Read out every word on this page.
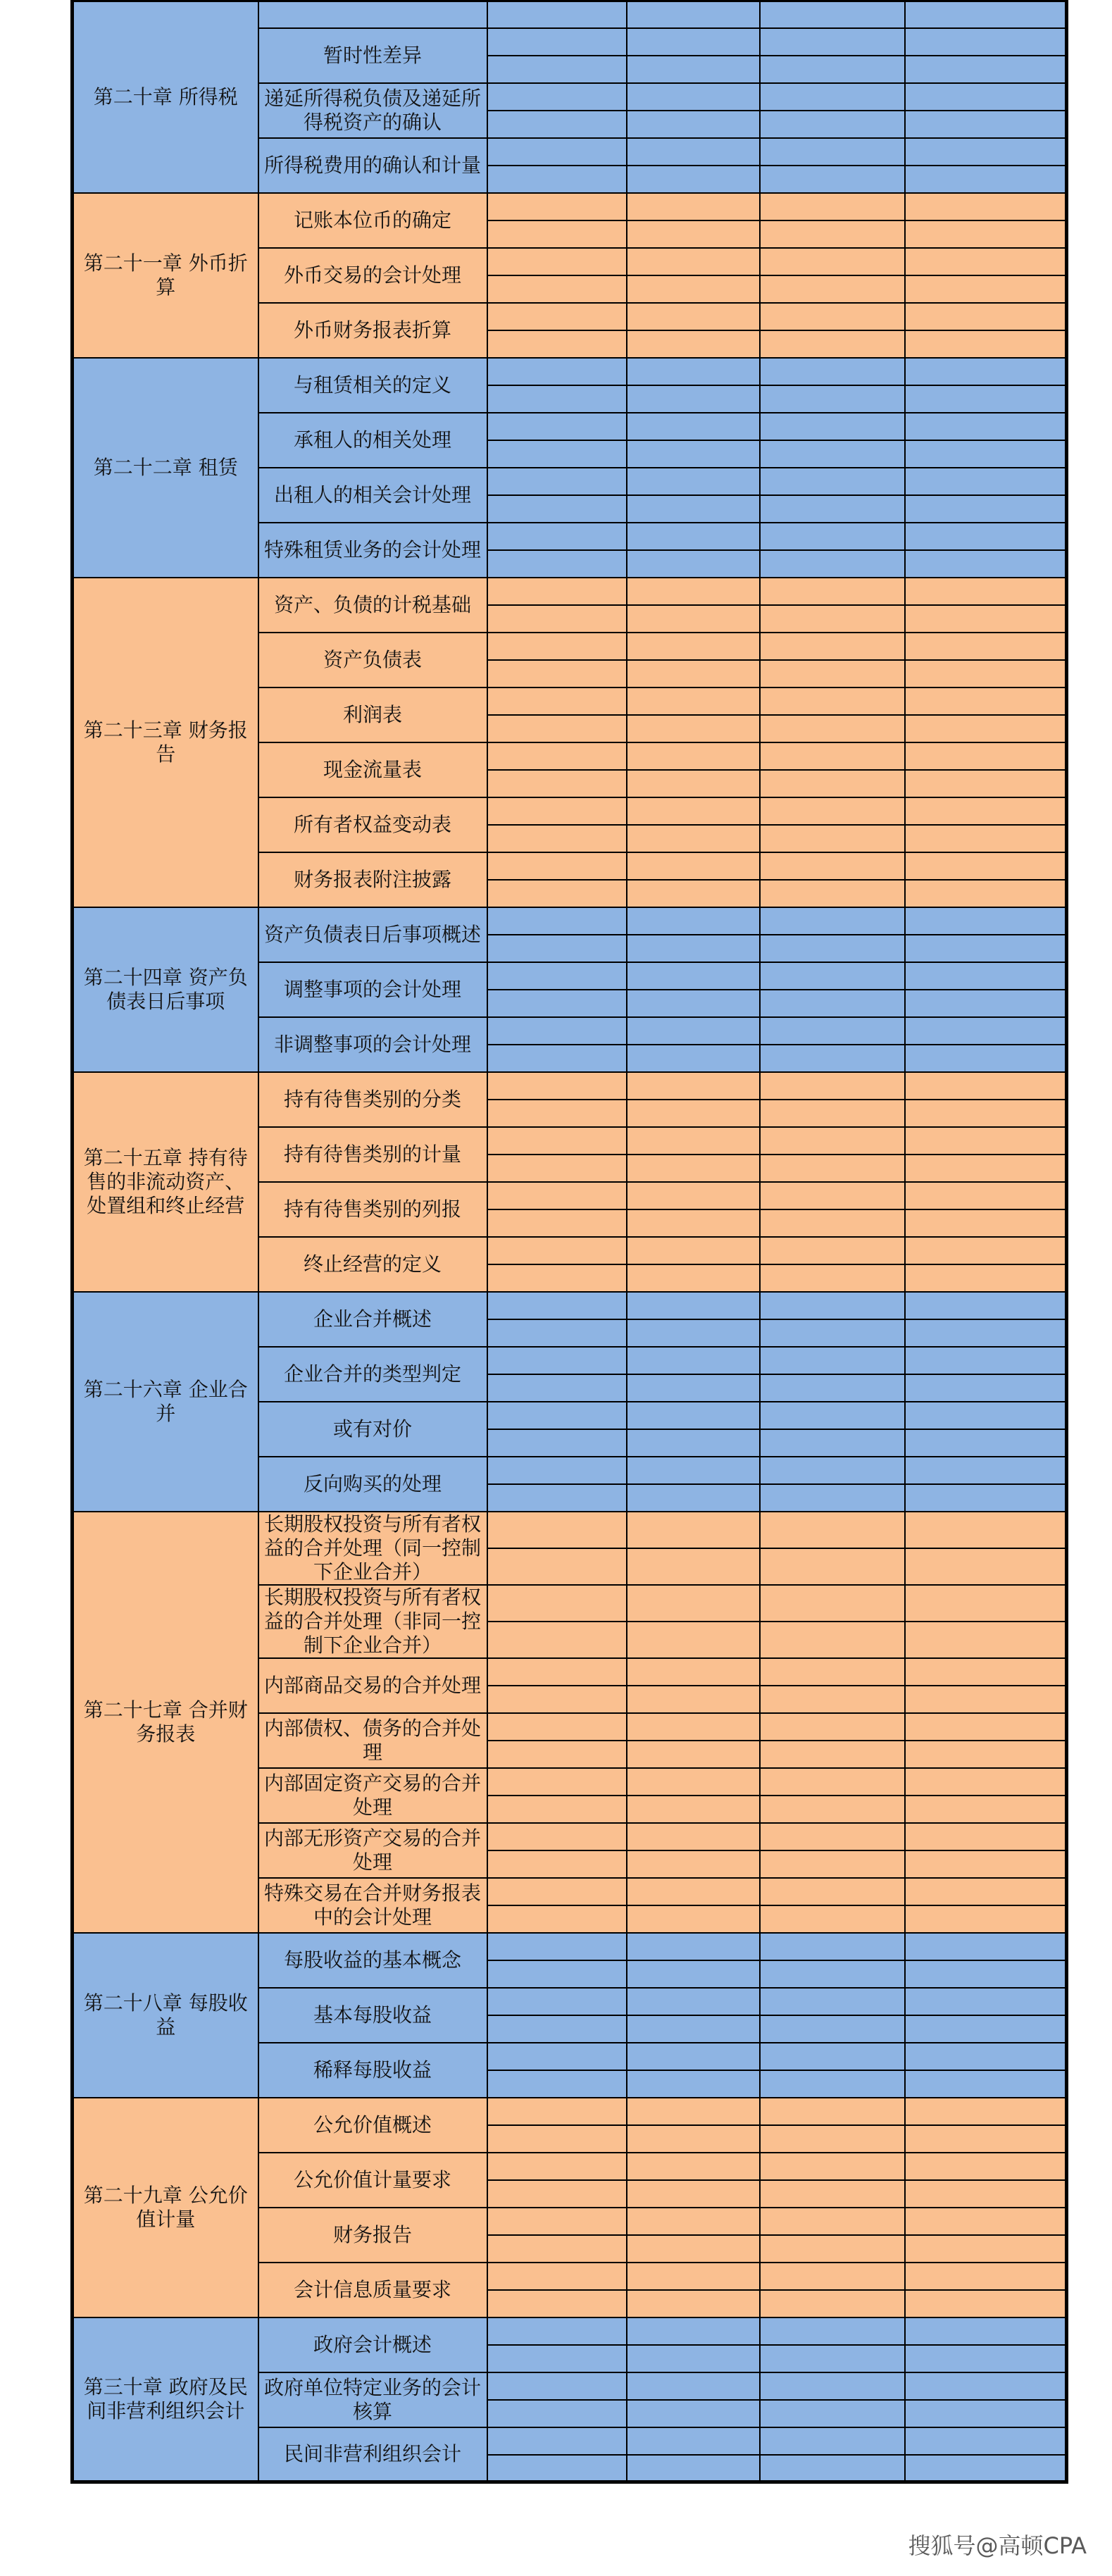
第二十章 所得税					
	暂时性差异				

	递延所得税负债及递延所得税资产的确认				

	所得税费用的确认和计量				

第二十一章 外币折算	记账本位币的确定				

	外币交易的会计处理				

	外币财务报表折算				

第二十二章 租赁	与租赁相关的定义				

	承租人的相关处理				

	出租人的相关会计处理				

	特殊租赁业务的会计处理				

第二十三章 财务报告	资产、负债的计税基础				

	资产负债表				

	利润表				

	现金流量表				

	所有者权益变动表				

	财务报表附注披露				

第二十四章 资产负债表日后事项	资产负债表日后事项概述				

	调整事项的会计处理				

	非调整事项的会计处理				

第二十五章 持有待售的非流动资产、处置组和终止经营	持有待售类别的分类				

	持有待售类别的计量				

	持有待售类别的列报				

	终止经营的定义				

第二十六章 企业合并	企业合并概述				

	企业合并的类型判定				

	或有对价				

	反向购买的处理				

第二十七章 合并财务报表	长期股权投资与所有者权益的合并处理（同一控制下企业合并）				

	长期股权投资与所有者权益的合并处理（非同一控制下企业合并）				

	内部商品交易的合并处理				

	内部债权、债务的合并处理				

	内部固定资产交易的合并处理				

	内部无形资产交易的合并处理				

	特殊交易在合并财务报表中的会计处理				

第二十八章 每股收益	每股收益的基本概念				

	基本每股收益				

	稀释每股收益				

第二十九章 公允价值计量	公允价值概述				

	公允价值计量要求				

	财务报告				

	会计信息质量要求				

第三十章 政府及民间非营利组织会计	政府会计概述				

	政府单位特定业务的会计核算				

	民间非营利组织会计				

搜狐号@高顿CPA
